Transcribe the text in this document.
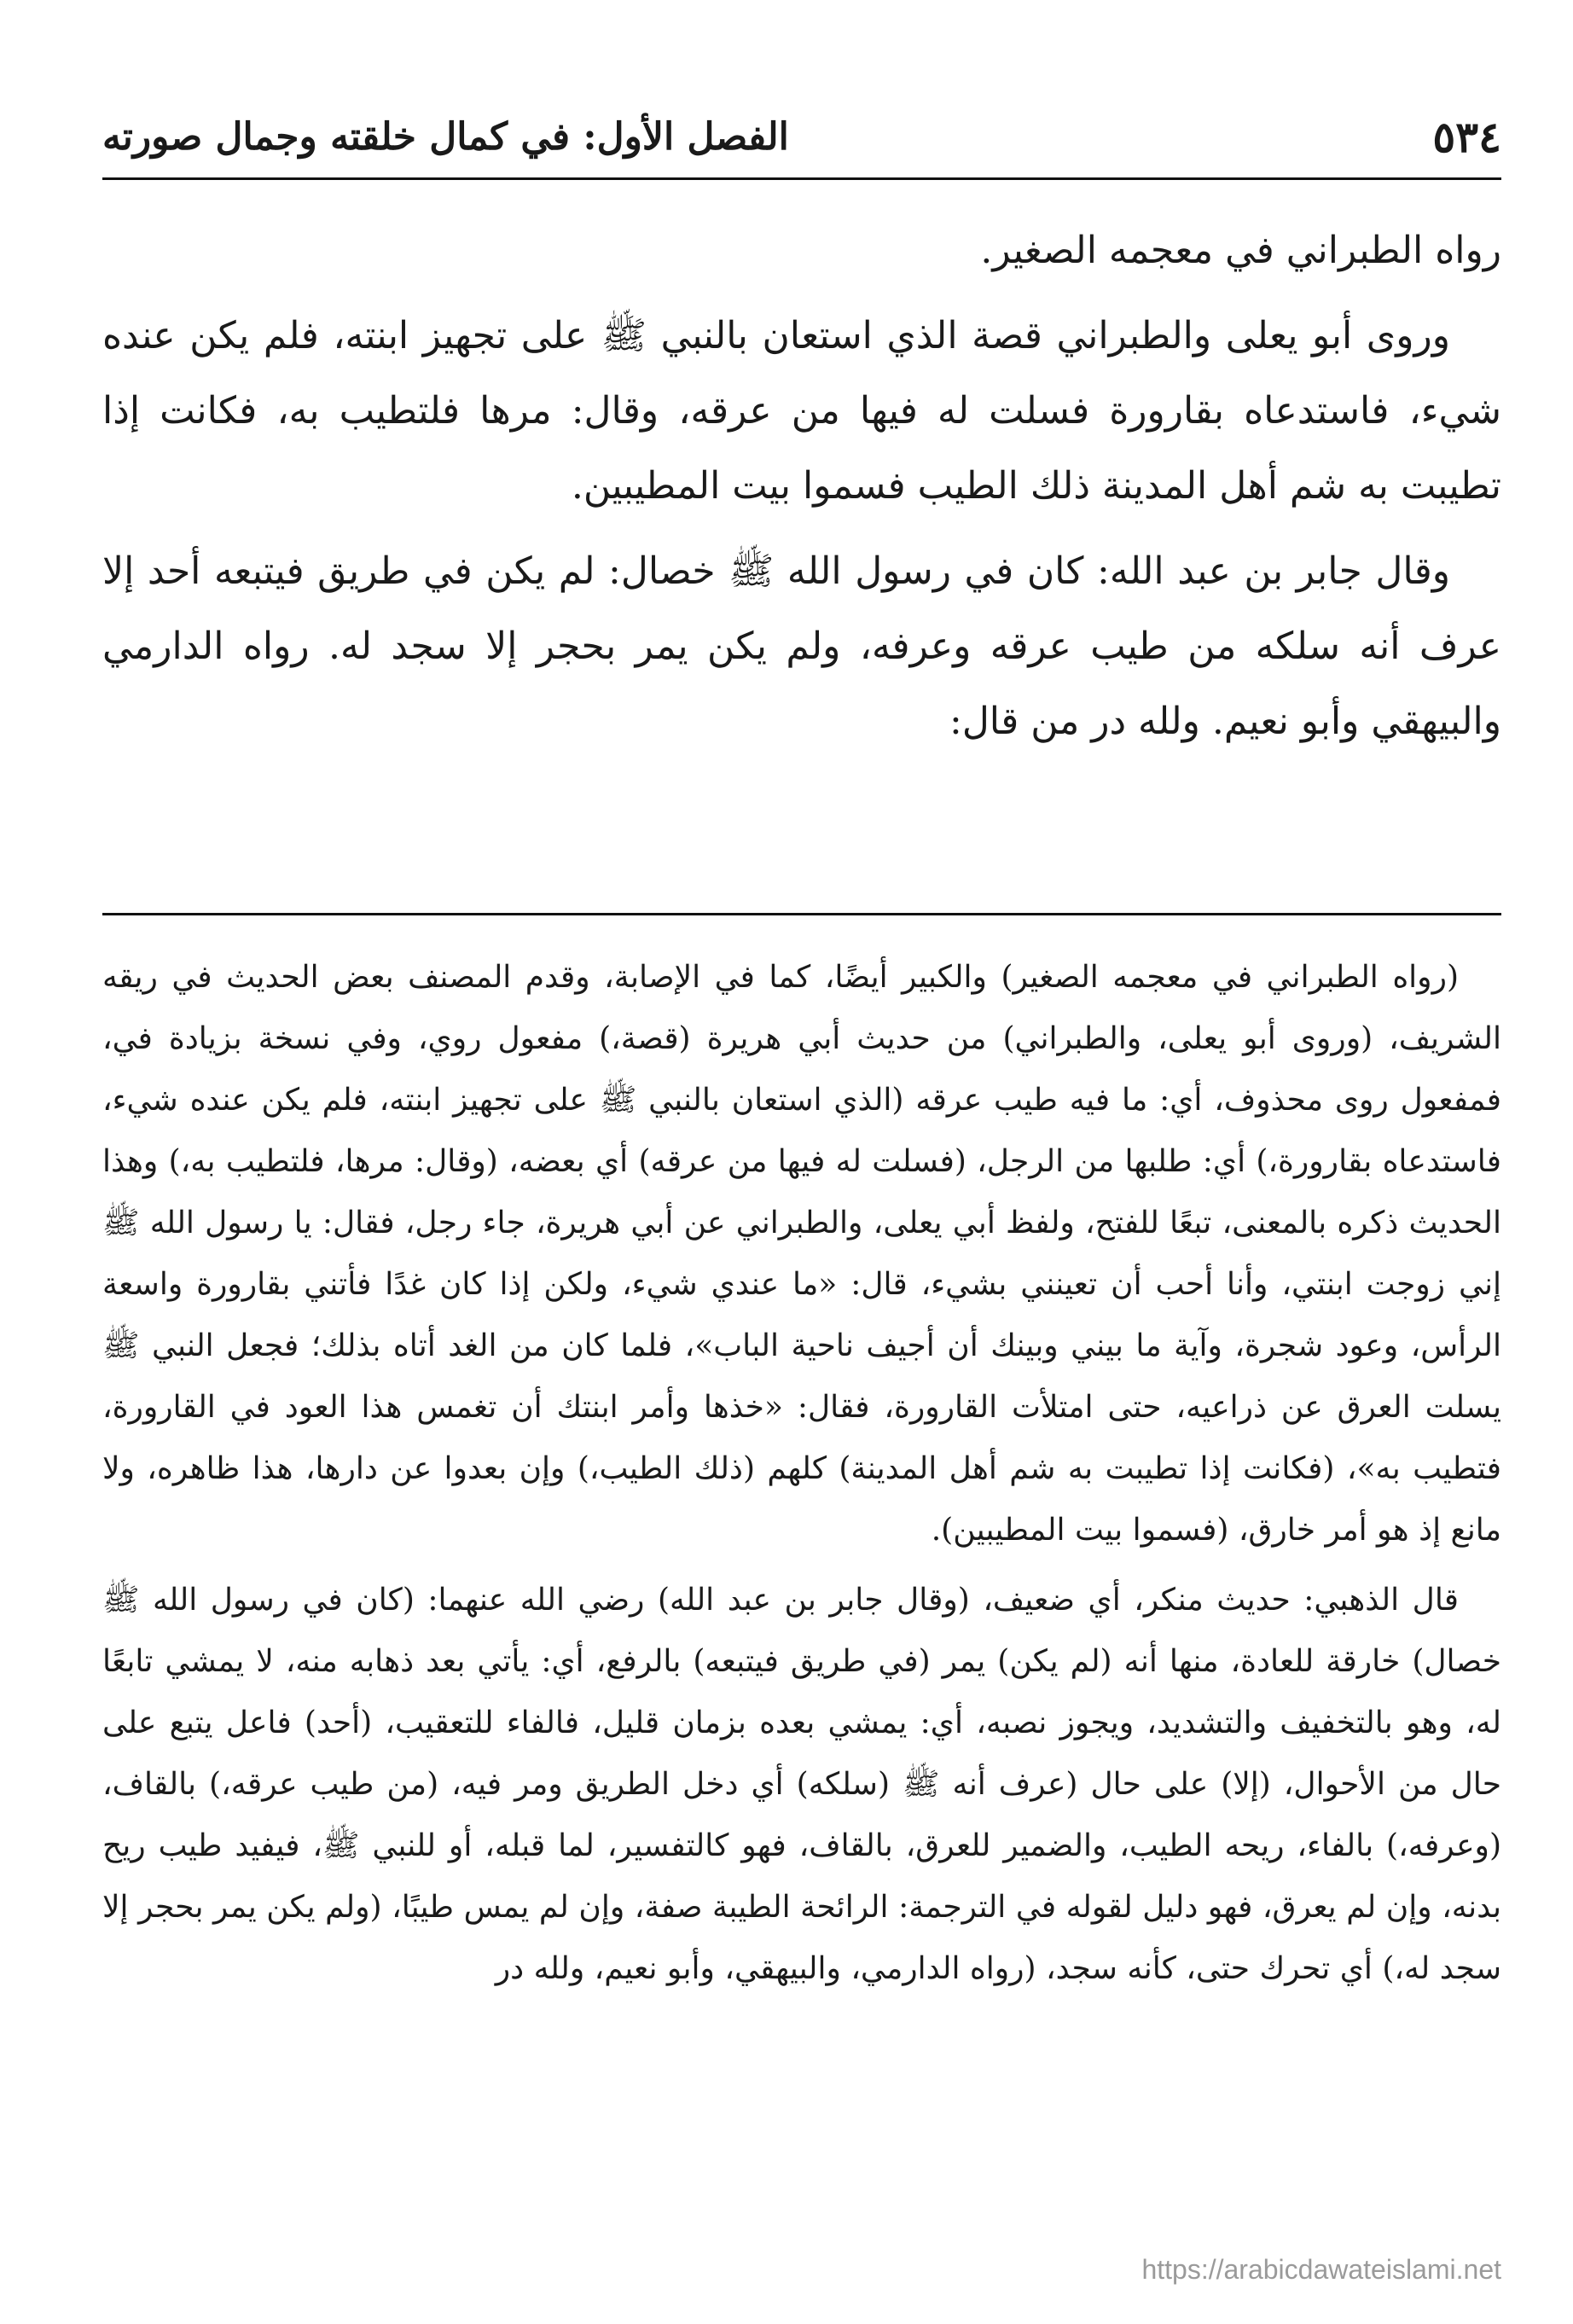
٥٣٤
الفصل الأول: في كمال خلقته وجمال صورته

رواه الطبراني في معجمه الصغير.

وروى أبو يعلى والطبراني قصة الذي استعان بالنبي ﷺ على تجهيز ابنته، فلم يكن عنده شيء، فاستدعاه بقارورة فسلت له فيها من عرقه، وقال: مرها فلتطيب به، فكانت إذا تطيبت به شم أهل المدينة ذلك الطيب فسموا بيت المطيبين.

وقال جابر بن عبد الله: كان في رسول الله ﷺ خصال: لم يكن في طريق فيتبعه أحد إلا عرف أنه سلكه من طيب عرقه وعرفه، ولم يكن يمر بحجر إلا سجد له. رواه الدارمي والبيهقي وأبو نعيم. ولله در من قال:

(رواه الطبراني في معجمه الصغير) والكبير أيضًا، كما في الإصابة، وقدم المصنف بعض الحديث في ريقه الشريف، (وروى أبو يعلى، والطبراني) من حديث أبي هريرة (قصة،) مفعول روي، وفي نسخة بزيادة في، فمفعول روى محذوف، أي: ما فيه طيب عرقه (الذي استعان بالنبي ﷺ على تجهيز ابنته، فلم يكن عنده شيء، فاستدعاه بقارورة،) أي: طلبها من الرجل، (فسلت له فيها من عرقه) أي بعضه، (وقال: مرها، فلتطيب به،) وهذا الحديث ذكره بالمعنى، تبعًا للفتح، ولفظ أبي يعلى، والطبراني عن أبي هريرة، جاء رجل، فقال: يا رسول الله ﷺ إني زوجت ابنتي، وأنا أحب أن تعينني بشيء، قال: «ما عندي شيء، ولكن إذا كان غدًا فأتني بقارورة واسعة الرأس، وعود شجرة، وآية ما بيني وبينك أن أجيف ناحية الباب»، فلما كان من الغد أتاه بذلك؛ فجعل النبي ﷺ يسلت العرق عن ذراعيه، حتى امتلأت القارورة، فقال: «خذها وأمر ابنتك أن تغمس هذا العود في القارورة، فتطيب به»، (فكانت إذا تطيبت به شم أهل المدينة) كلهم (ذلك الطيب،) وإن بعدوا عن دارها، هذا ظاهره، ولا مانع إذ هو أمر خارق، (فسموا بيت المطيبين).

قال الذهبي: حديث منكر، أي ضعيف، (وقال جابر بن عبد الله) رضي الله عنهما: (كان في رسول الله ﷺ خصال) خارقة للعادة، منها أنه (لم يكن) يمر (في طريق فيتبعه) بالرفع، أي: يأتي بعد ذهابه منه، لا يمشي تابعًا له، وهو بالتخفيف والتشديد، ويجوز نصبه، أي: يمشي بعده بزمان قليل، فالفاء للتعقيب، (أحد) فاعل يتبع على حال من الأحوال، (إلا) على حال (عرف أنه ﷺ (سلكه) أي دخل الطريق ومر فيه، (من طيب عرقه،) بالقاف، (وعرفه،) بالفاء، ريحه الطيب، والضمير للعرق، بالقاف، فهو كالتفسير، لما قبله، أو للنبي ﷺ، فيفيد طيب ريح بدنه، وإن لم يعرق، فهو دليل لقوله في الترجمة: الرائحة الطيبة صفة، وإن لم يمس طيبًا، (ولم يكن يمر بحجر إلا سجد له،) أي تحرك حتى، كأنه سجد، (رواه الدارمي، والبيهقي، وأبو نعيم، ولله در

https://arabicdawateislami.net
